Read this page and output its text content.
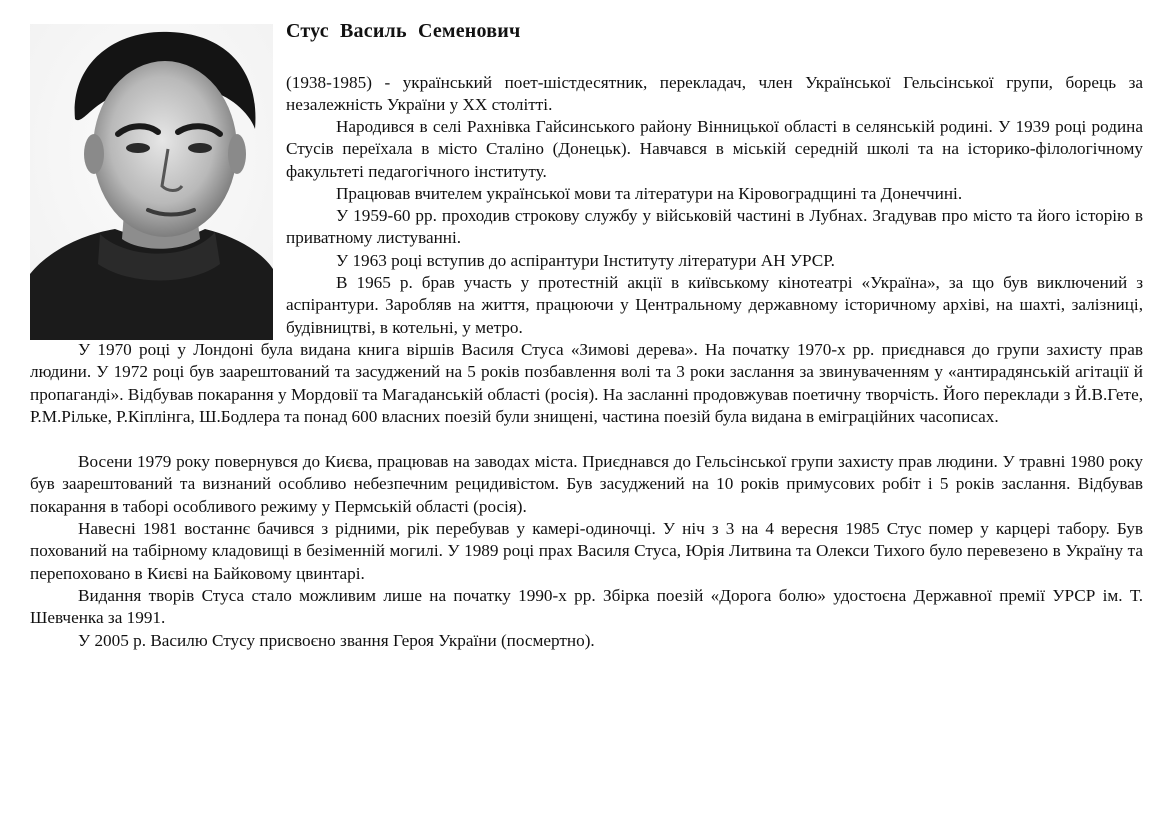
Стус Василь Семенович

(1938-1985) - український поет-шістдесятник, перекладач, член Української Гельсінської групи, борець за незалежність України у ХХ столітті.

Народився в селі Рахнівка Гайсинського району Вінницької області в селянській родині. У 1939 році родина Стусів переїхала в місто Сталіно (Донецьк). Навчався в міській середній школі та на історико-філологічному факультеті педагогічного інституту.

Працював вчителем української мови та літератури на Кіровоградщині та Донеччині.

У 1959-60 рр. проходив строкову службу у військовій частині в Лубнах. Згадував про місто та його історію в приватному листуванні.

У 1963 році вступив до аспірантури Інституту літератури АН УРСР.

В 1965 р. брав участь у протестній акції в київському кінотеатрі «Україна», за що був виключений з аспірантури. Заробляв на життя, працюючи у Центральному державному історичному архіві, на шахті, залізниці, будівництві, в котельні, у метро.

У 1970 році у Лондоні була видана книга віршів Василя Стуса «Зимові дерева». На початку 1970-х рр. приєднався до групи захисту прав людини. У 1972 році був заарештований та засуджений на 5 років позбавлення волі та 3 роки заслання за звинуваченням у «антирадянській агітації й пропаганді». Відбував покарання у Мордовії та Магаданській області (росія). На засланні продовжував поетичну творчість. Його переклади з Й.В.Гете, Р.М.Рільке, Р.Кіплінга, Ш.Бодлера та понад 600 власних поезій були знищені, частина поезій була видана в еміграційних часописах.

Восени 1979 року повернувся до Києва, працював на заводах міста. Приєднався до Гельсінської групи захисту прав людини. У травні 1980 року був заарештований та визнаний особливо небезпечним рецидивістом. Був засуджений на 10 років примусових робіт і 5 років заслання. Відбував покарання в таборі особливого режиму у Пермській області (росія).

Навесні 1981 востаннє бачився з рідними, рік перебував у камері-одиночці. У ніч з 3 на 4 вересня 1985 Стус помер у карцері табору. Був похований на табірному кладовищі в безіменній могилі. У 1989 році прах Василя Стуса, Юрія Литвина та Олекси Тихого було перевезено в Україну та перепоховано в Києві на Байковому цвинтарі.

Видання творів Стуса стало можливим лише на початку 1990-х рр. Збірка поезій «Дорога болю» удостоєна Державної премії УРСР ім. Т. Шевченка за 1991.

У 2005 р. Василю Стусу присвоєно звання Героя України (посмертно).
